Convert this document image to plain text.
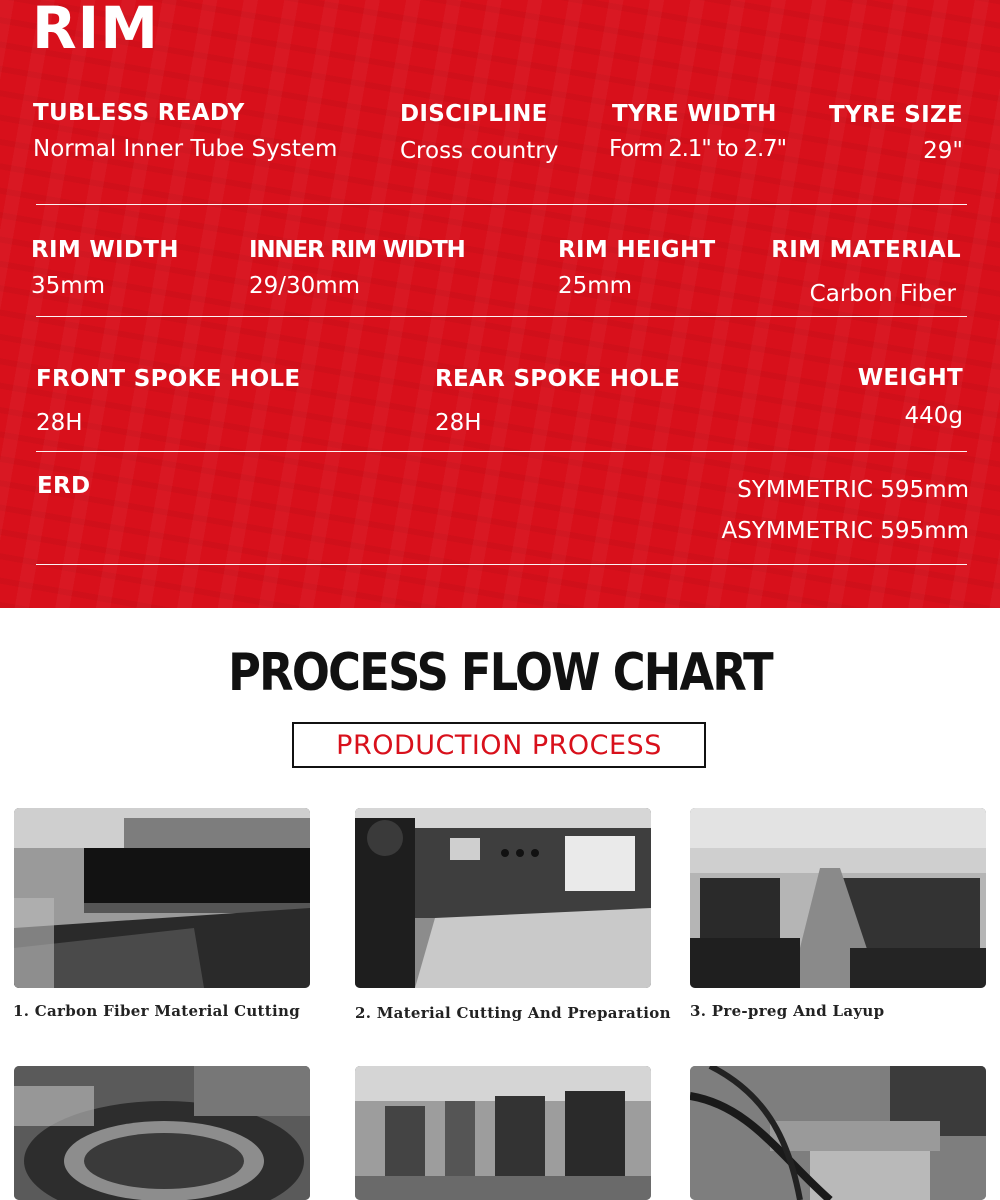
RIM
TUBLESS READY
Normal Inner Tube System
DISCIPLINE
Cross country
TYRE WIDTH
Form 2.1" to 2.7"
TYRE SIZE
29"
RIM WIDTH
35mm
INNER RIM WIDTH
29/30mm
RIM HEIGHT
25mm
RIM MATERIAL
Carbon Fiber
FRONT SPOKE HOLE
28H
REAR SPOKE HOLE
28H
WEIGHT
440g
ERD	SYMMETRIC 595mm
ASYMMETRIC 595mm
PROCESS FLOW CHART
PRODUCTION PROCESS
1. Carbon Fiber Material Cutting	2. Material Cutting And Preparation 3. Pre-preg And Layup
